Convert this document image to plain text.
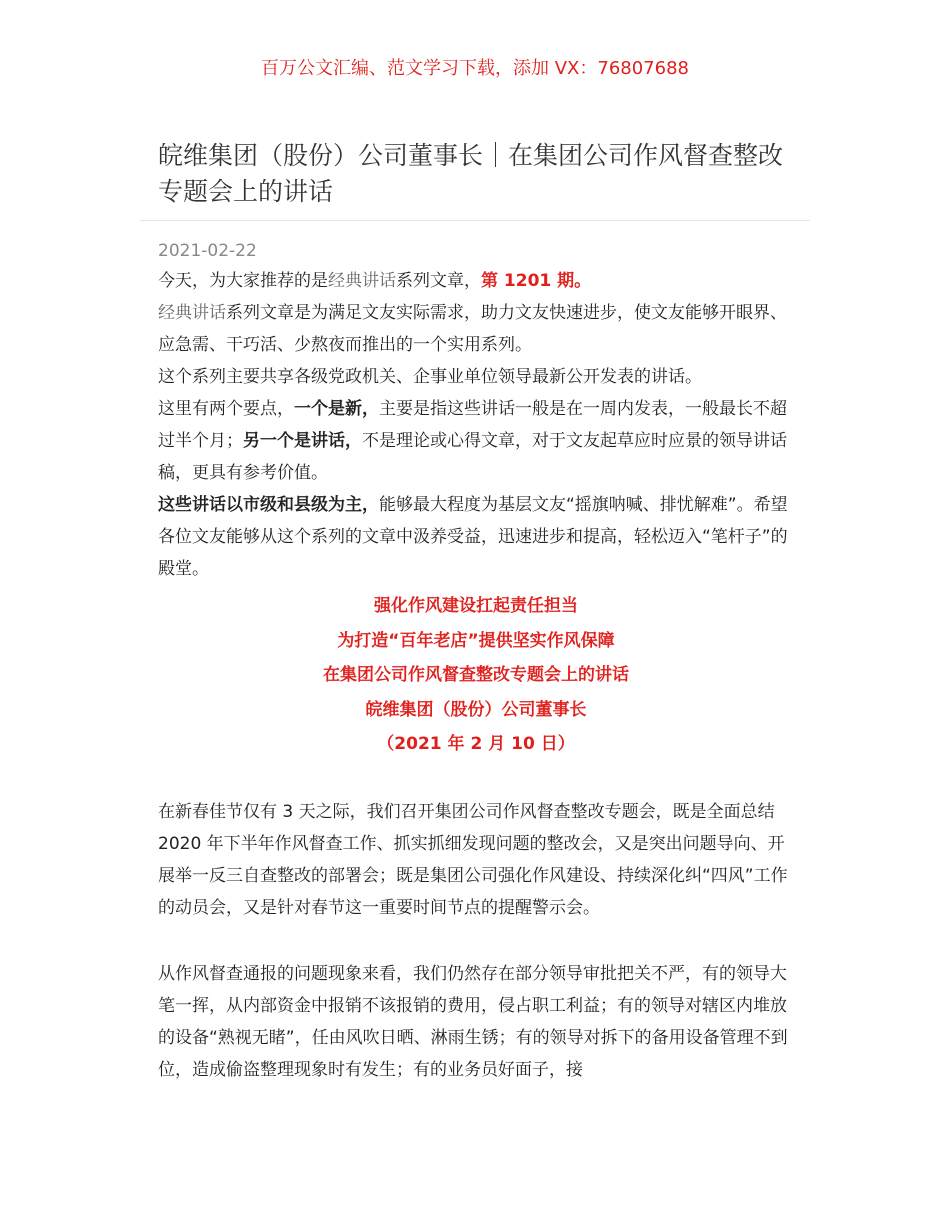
百万公文汇编、范文学习下载，添加 VX：76807688
皖维集团（股份）公司董事长｜在集团公司作风督查整改专题会上的讲话
2021-02-22

今天，为大家推荐的是经典讲话系列文章，第 1201 期。

经典讲话系列文章是为满足文友实际需求，助力文友快速进步，使文友能够开眼界、应急需、干巧活、少熬夜而推出的一个实用系列。

这个系列主要共享各级党政机关、企事业单位领导最新公开发表的讲话。

这里有两个要点，一个是新，主要是指这些讲话一般是在一周内发表，一般最长不超过半个月；另一个是讲话，不是理论或心得文章，对于文友起草应时应景的领导讲话稿，更具有参考价值。

这些讲话以市级和县级为主，能够最大程度为基层文友“摇旗呐喊、排忧解难”。希望各位文友能够从这个系列的文章中汲养受益，迅速进步和提高，轻松迈入“笔杆子”的殿堂。

强化作风建设扛起责任担当
为打造“百年老店”提供坚实作风保障
在集团公司作风督查整改专题会上的讲话
皖维集团（股份）公司董事长
（2021 年 2 月 10 日）

在新春佳节仅有 3 天之际，我们召开集团公司作风督查整改专题会，既是全面总结 2020 年下半年作风督查工作、抓实抓细发现问题的整改会，又是突出问题导向、开展举一反三自查整改的部署会；既是集团公司强化作风建设、持续深化纠“四风”工作的动员会，又是针对春节这一重要时间节点的提醒警示会。

从作风督查通报的问题现象来看，我们仍然存在部分领导审批把关不严，有的领导大笔一挥，从内部资金中报销不该报销的费用，侵占职工利益；有的领导对辖区内堆放的设备“熟视无睹”，任由风吹日晒、淋雨生锈；有的领导对拆下的备用设备管理不到位，造成偷盗整理现象时有发生；有的业务员好面子，接
